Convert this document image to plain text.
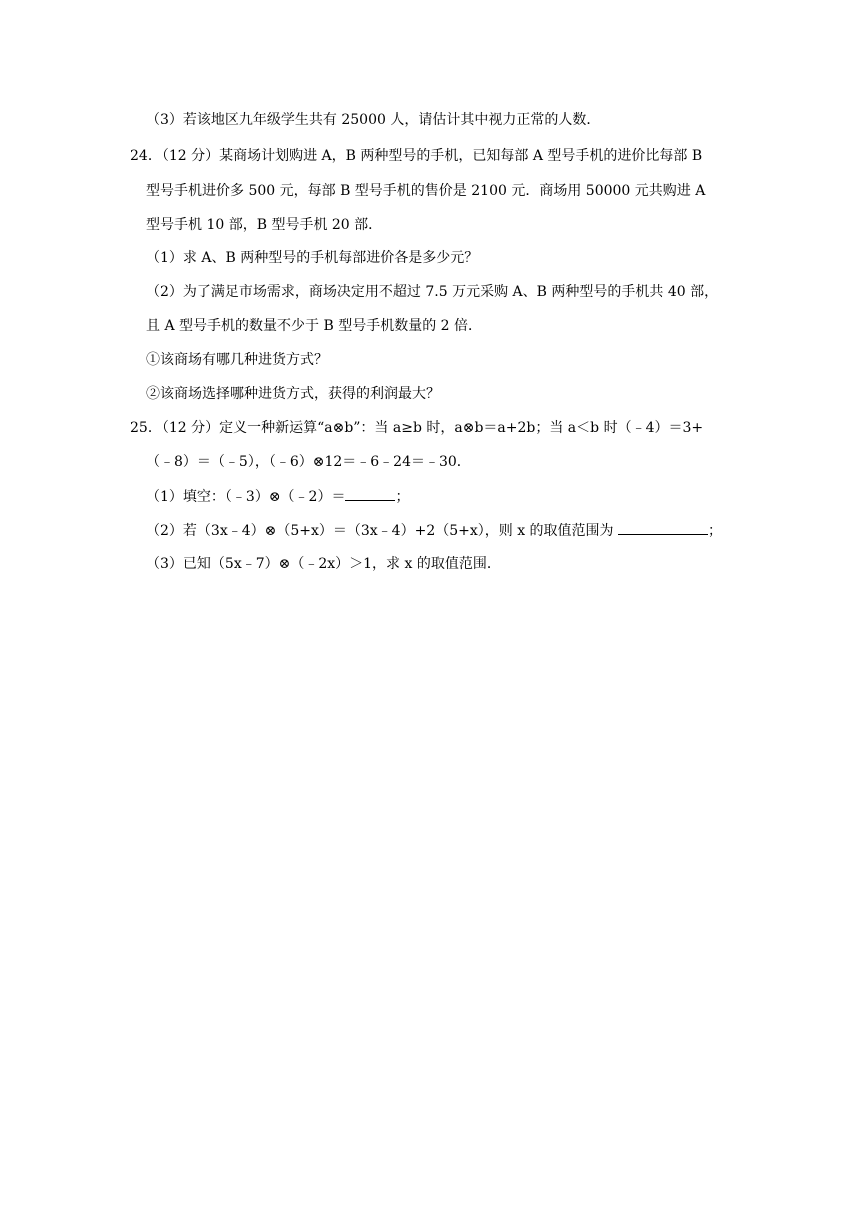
（3）若该地区九年级学生共有 25000 人，请估计其中视力正常的人数．
24．（12 分）某商场计划购进 A，B 两种型号的手机，已知每部 A 型号手机的进价比每部 B
型号手机进价多 500 元，每部 B 型号手机的售价是 2100 元．商场用 50000 元共购进 A
型号手机 10 部，B 型号手机 20 部．
（1）求 A、B 两种型号的手机每部进价各是多少元？
（2）为了满足市场需求，商场决定用不超过 7.5 万元采购 A、B 两种型号的手机共 40 部，
且 A 型号手机的数量不少于 B 型号手机数量的 2 倍．
①该商场有哪几种进货方式？
②该商场选择哪种进货方式，获得的利润最大？
25．（12 分）定义一种新运算“a⊗b”：当 a≥b 时，a⊗b＝a+2b；当 a＜b 时（﹣4）＝3+
（﹣8）＝（﹣5），（﹣6）⊗12＝﹣6﹣24＝﹣30．
（1）填空：（﹣3）⊗（﹣2）＝	；
（2）若（3x﹣4）⊗（5+x）＝（3x﹣4）+2（5+x），则 x 的取值范围为	；
（3）已知（5x﹣7）⊗（﹣2x）＞1，求 x 的取值范围．
